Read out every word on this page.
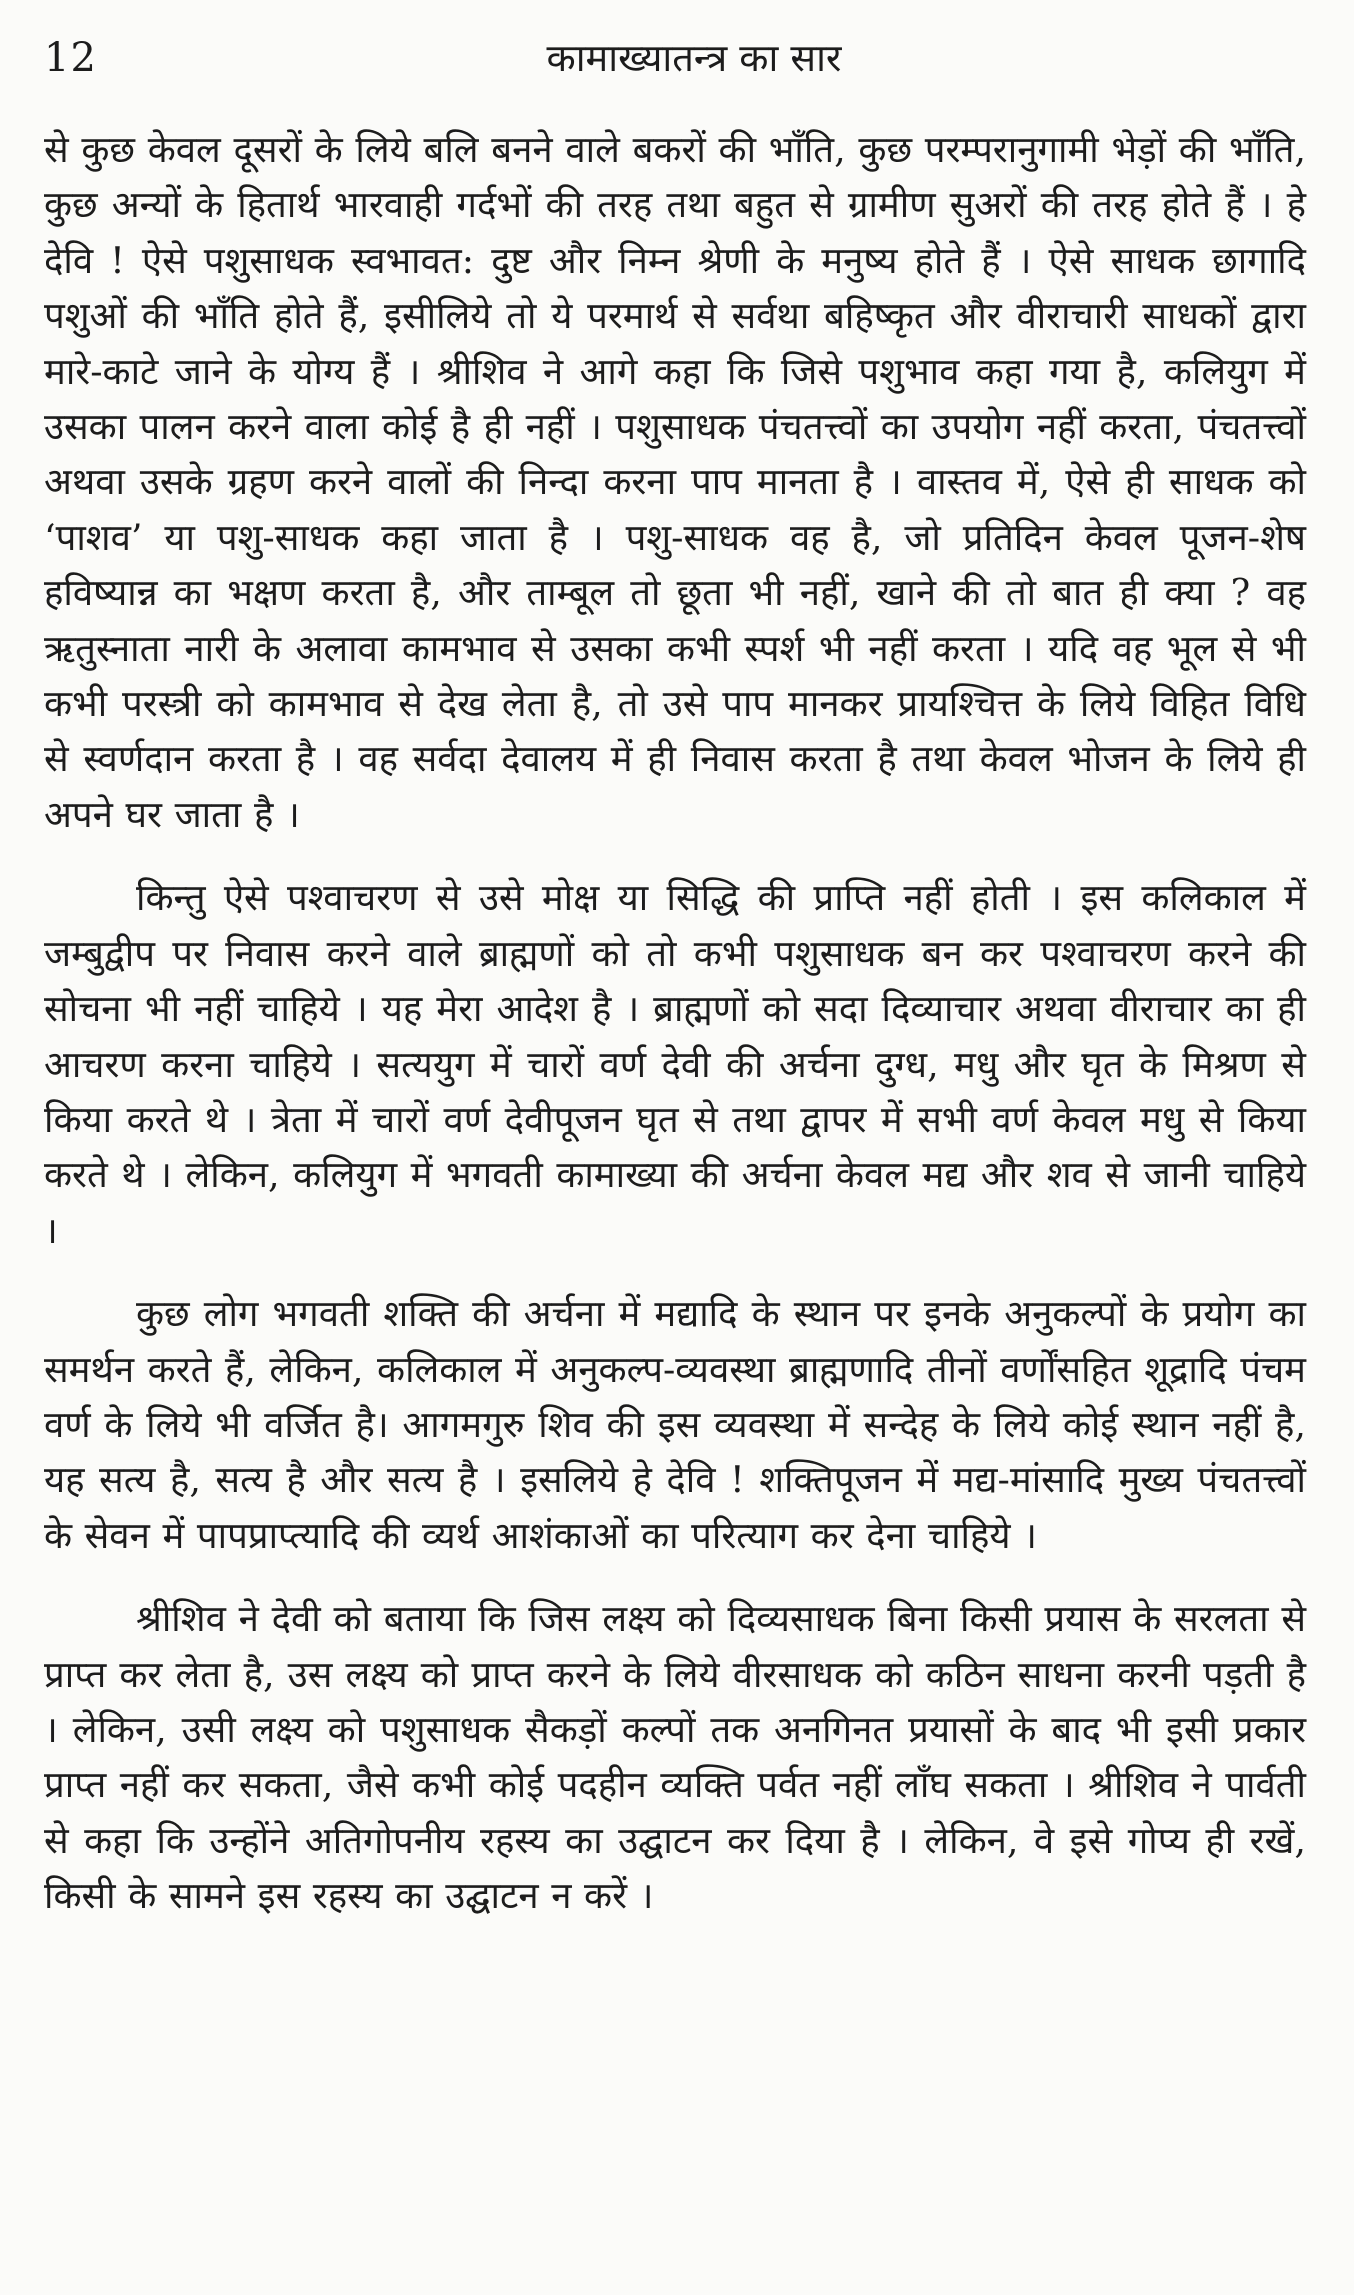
12	कामाख्यातन्त्र का सार

से कुछ केवल दूसरों के लिये बलि बनने वाले बकरों की भाँति, कुछ परम्परानुगामी भेड़ों की भाँति, कुछ अन्यों के हितार्थ भारवाही गर्दभों की तरह तथा बहुत से ग्रामीण सुअरों की तरह होते हैं । हे देवि ! ऐसे पशुसाधक स्वभावत: दुष्ट और निम्न श्रेणी के मनुष्य होते हैं । ऐसे साधक छागादि पशुओं की भाँति होते हैं, इसीलिये तो ये परमार्थ से सर्वथा बहिष्कृत और वीराचारी साधकों द्वारा मारे-काटे जाने के योग्य हैं । श्रीशिव ने आगे कहा कि जिसे पशुभाव कहा गया है, कलियुग में उसका पालन करने वाला कोई है ही नहीं । पशुसाधक पंचतत्त्वों का उपयोग नहीं करता, पंचतत्त्वों अथवा उसके ग्रहण करने वालों की निन्दा करना पाप मानता है । वास्तव में, ऐसे ही साधक को ‘पाशव’ या पशु-साधक कहा जाता है । पशु-साधक वह है, जो प्रतिदिन केवल पूजन-शेष हविष्यान्न का भक्षण करता है, और ताम्बूल तो छूता भी नहीं, खाने की तो बात ही क्या ? वह ऋतुस्नाता नारी के अलावा कामभाव से उसका कभी स्पर्श भी नहीं करता । यदि वह भूल से भी कभी परस्त्री को कामभाव से देख लेता है, तो उसे पाप मानकर प्रायश्चित्त के लिये विहित विधि से स्वर्णदान करता है । वह सर्वदा देवालय में ही निवास करता है तथा केवल भोजन के लिये ही अपने घर जाता है ।

किन्तु ऐसे पश्वाचरण से उसे मोक्ष या सिद्धि की प्राप्ति नहीं होती । इस कलिकाल में जम्बुद्वीप पर निवास करने वाले ब्राह्मणों को तो कभी पशुसाधक बन कर पश्वाचरण करने की सोचना भी नहीं चाहिये । यह मेरा आदेश है । ब्राह्मणों को सदा दिव्याचार अथवा वीराचार का ही आचरण करना चाहिये । सत्ययुग में चारों वर्ण देवी की अर्चना दुग्ध, मधु और घृत के मिश्रण से किया करते थे । त्रेता में चारों वर्ण देवीपूजन घृत से तथा द्वापर में सभी वर्ण केवल मधु से किया करते थे । लेकिन, कलियुग में भगवती कामाख्या की अर्चना केवल मद्य और शव से जानी चाहिये ।

कुछ लोग भगवती शक्ति की अर्चना में मद्यादि के स्थान पर इनके अनुकल्पों के प्रयोग का समर्थन करते हैं, लेकिन, कलिकाल में अनुकल्प-व्यवस्था ब्राह्मणादि तीनों वर्णोंसहित शूद्रादि पंचम वर्ण के लिये भी वर्जित है। आगमगुरु शिव की इस व्यवस्था में सन्देह के लिये कोई स्थान नहीं है, यह सत्य है, सत्य है और सत्य है । इसलिये हे देवि ! शक्तिपूजन में मद्य-मांसादि मुख्य पंचतत्त्वों के सेवन में पापप्राप्त्यादि की व्यर्थ आशंकाओं का परित्याग कर देना चाहिये ।

श्रीशिव ने देवी को बताया कि जिस लक्ष्य को दिव्यसाधक बिना किसी प्रयास के सरलता से प्राप्त कर लेता है, उस लक्ष्य को प्राप्त करने के लिये वीरसाधक को कठिन साधना करनी पड़ती है । लेकिन, उसी लक्ष्य को पशुसाधक सैकड़ों कल्पों तक अनगिनत प्रयासों के बाद भी इसी प्रकार प्राप्त नहीं कर सकता, जैसे कभी कोई पदहीन व्यक्ति पर्वत नहीं लाँघ सकता । श्रीशिव ने पार्वती से कहा कि उन्होंने अतिगोपनीय रहस्य का उद्घाटन कर दिया है । लेकिन, वे इसे गोप्य ही रखें, किसी के सामने इस रहस्य का उद्घाटन न करें ।
